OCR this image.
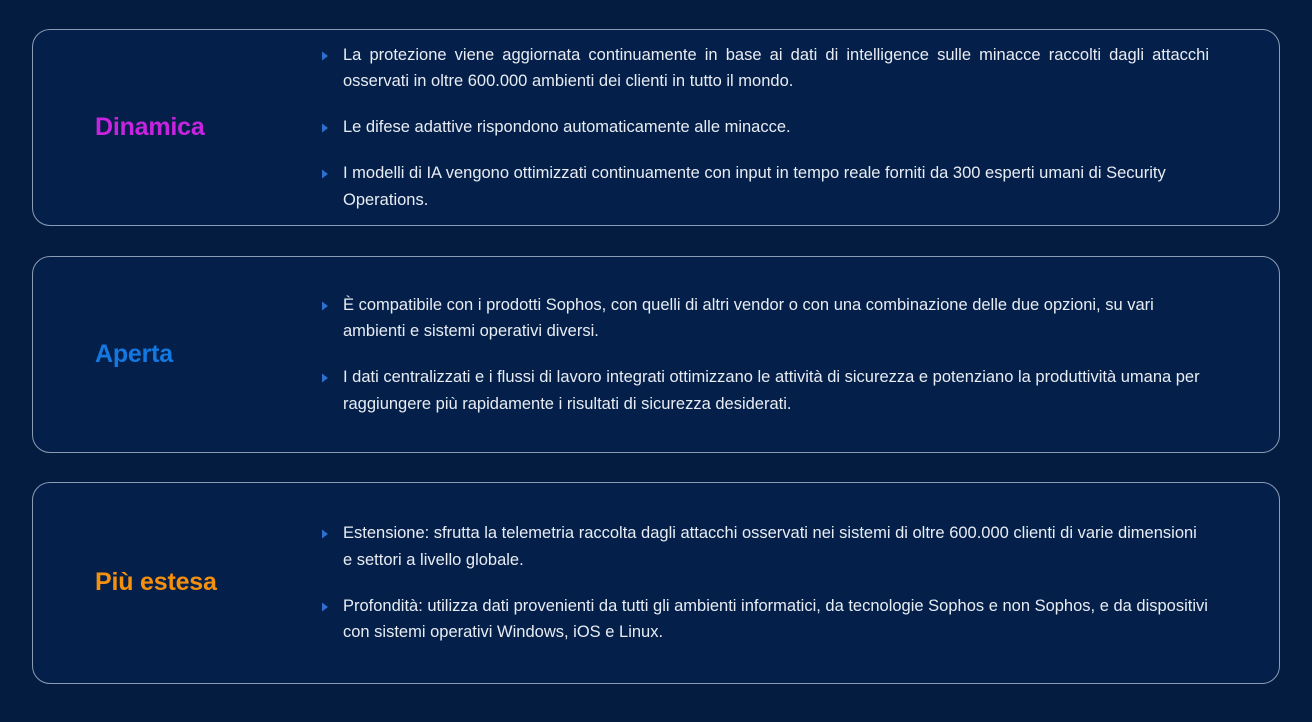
Dinamica
La protezione viene aggiornata continuamente in base ai dati di intelligence sulle minacce raccolti dagli attacchi osservati in oltre 600.000 ambienti dei clienti in tutto il mondo.
Le difese adattive rispondono automaticamente alle minacce.
I modelli di IA vengono ottimizzati continuamente con input in tempo reale forniti da 300 esperti umani di Security Operations.
Aperta
È compatibile con i prodotti Sophos, con quelli di altri vendor o con una combinazione delle due opzioni, su vari ambienti e sistemi operativi diversi.
I dati centralizzati e i flussi di lavoro integrati ottimizzano le attività di sicurezza e potenziano la produttività umana per raggiungere più rapidamente i risultati di sicurezza desiderati.
Più estesa
Estensione: sfrutta la telemetria raccolta dagli attacchi osservati nei sistemi di oltre 600.000 clienti di varie dimensioni e settori a livello globale.
Profondità: utilizza dati provenienti da tutti gli ambienti informatici, da tecnologie Sophos e non Sophos, e da dispositivi con sistemi operativi Windows, iOS e Linux.
